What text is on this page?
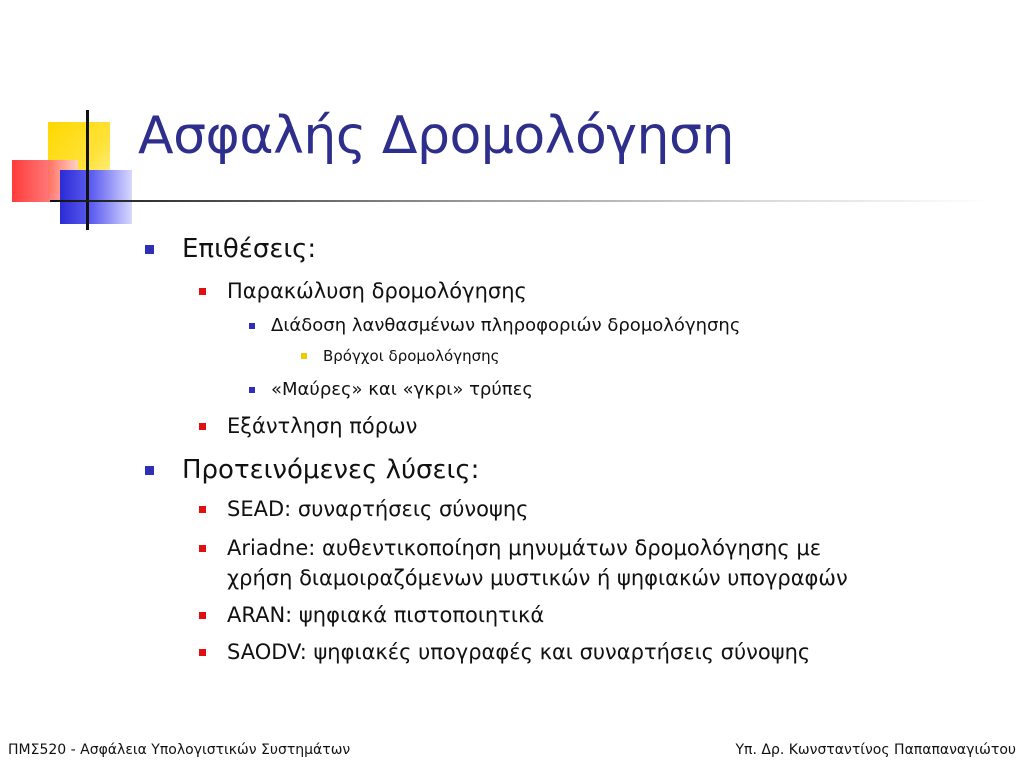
Ασφαλής Δρομολόγηση
Επιθέσεις:
Παρακώλυση δρομολόγησης
Διάδοση λανθασμένων πληροφοριών δρομολόγησης
Βρόγχοι δρομολόγησης
«Μαύρες» και «γκρι» τρύπες
Εξάντληση πόρων
Προτεινόμενες λύσεις:
SEAD: συναρτήσεις σύνοψης
Ariadne: αυθεντικοποίηση μηνυμάτων δρομολόγησης με
χρήση διαμοιραζόμενων μυστικών ή ψηφιακών υπογραφών
ARAN: ψηφιακά πιστοποιητικά
SAODV: ψηφιακές υπογραφές και συναρτήσεις σύνοψης
ΠΜΣ520 - Ασφάλεια Υπολογιστικών Συστημάτων	Υπ. Δρ. Κωνσταντίνος Παπαπαναγιώτου
